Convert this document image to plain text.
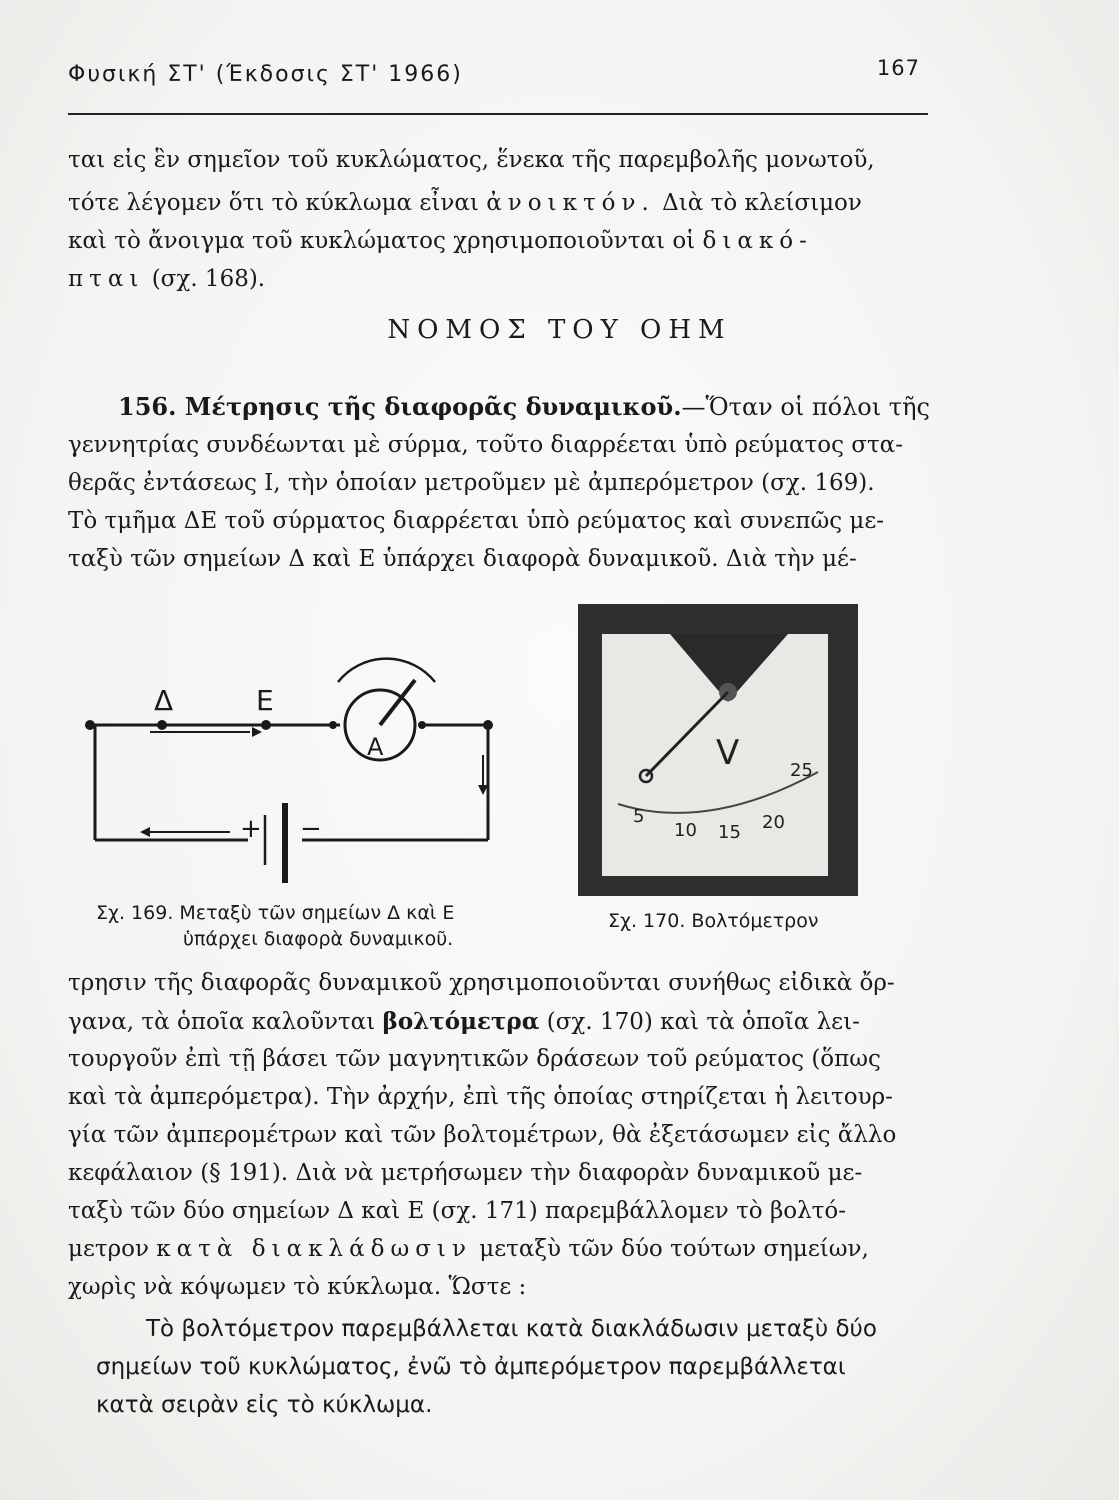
Φυσική ΣΤ' (Έκδοσις ΣΤ' 1966)	167
ται εἰς ἓν σημεῖον τοῦ κυκλώματος, ἕνεκα τῆς παρεμβολῆς μονωτοῦ,
τότε λέγομεν ὅτι τὸ κύκλωμα εἶναι ἀνοικτόν. Διὰ τὸ κλείσιμον
καὶ τὸ ἄνοιγμα τοῦ κυκλώματος χρησιμοποιοῦνται οἱ διακό-
πται (σχ. 168).
ΝΟΜΟΣ ΤΟΥ ΟΗΜ
156. Μέτρησις τῆς διαφορᾶς δυναμικοῦ.—Ὅταν οἱ πόλοι τῆς
γεννητρίας συνδέωνται μὲ σύρμα, τοῦτο διαρρέεται ὑπὸ ρεύματος στα-
θερᾶς ἐντάσεως Ι, τὴν ὁποίαν μετροῦμεν μὲ ἀμπερόμετρον (σχ. 169).
Τὸ τμῆμα ΔΕ τοῦ σύρματος διαρρέεται ὑπὸ ρεύματος καὶ συνεπῶς με-
ταξὺ τῶν σημείων Δ καὶ Ε ὑπάρχει διαφορὰ δυναμικοῦ. Διὰ τὴν μέ-
Δ	Ε
A
+ −
Σχ. 169. Μεταξὺ τῶν σημείων Δ καὶ Ε
ὑπάρχει διαφορὰ δυναμικοῦ.
V
5
10 15 20
25
Σχ. 170. Βολτόμετρον
τρησιν τῆς διαφορᾶς δυναμικοῦ χρησιμοποιοῦνται συνήθως εἰδικὰ ὄρ-
γανα, τὰ ὁποῖα καλοῦνται βολτόμετρα (σχ. 170) καὶ τὰ ὁποῖα λει-
τουργοῦν ἐπὶ τῇ βάσει τῶν μαγνητικῶν δράσεων τοῦ ρεύματος (ὅπως
καὶ τὰ ἀμπερόμετρα). Τὴν ἀρχήν, ἐπὶ τῆς ὁποίας στηρίζεται ἡ λειτουρ-
γία τῶν ἀμπερομέτρων καὶ τῶν βολτομέτρων, θὰ ἐξετάσωμεν εἰς ἄλλο
κεφάλαιον (§ 191). Διὰ νὰ μετρήσωμεν τὴν διαφορὰν δυναμικοῦ με-
ταξὺ τῶν δύο σημείων Δ καὶ Ε (σχ. 171) παρεμβάλλομεν τὸ βολτό-
μετρον κατὰ διακλάδωσιν μεταξὺ τῶν δύο τούτων σημείων,
χωρὶς νὰ κόψωμεν τὸ κύκλωμα. Ὥστε :
Τὸ βολτόμετρον παρεμβάλλεται κατὰ διακλάδωσιν μεταξὺ δύο
σημείων τοῦ κυκλώματος, ἐνῶ τὸ ἀμπερόμετρον παρεμβάλλεται
κατὰ σειρὰν εἰς τὸ κύκλωμα.
